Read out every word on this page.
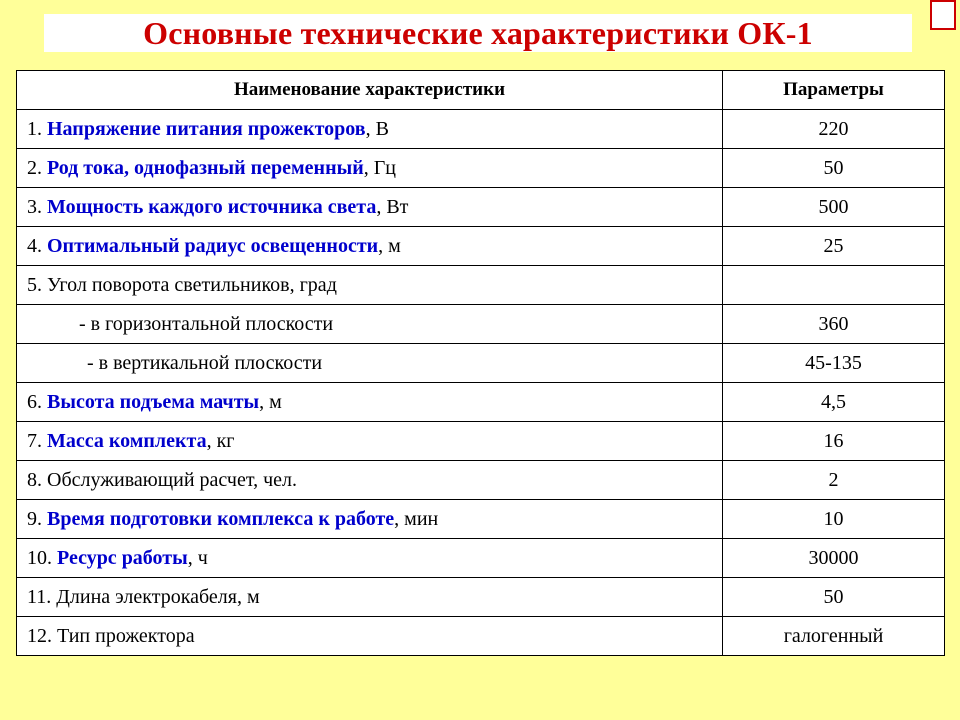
Основные технические характеристики ОК-1
Наименование характеристики	Параметры
1. Напряжение питания прожекторов, В	220
2. Род тока, однофазный переменный, Гц	50
3. Мощность каждого источника света, Вт	500
4. Оптимальный радиус освещенности, м	25
5. Угол поворота светильников, град	
- в горизонтальной плоскости	360
- в вертикальной плоскости	45-135
6. Высота подъема мачты, м	4,5
7. Масса комплекта, кг	16
8. Обслуживающий расчет, чел.	2
9. Время подготовки комплекса к работе, мин	10
10. Ресурс работы, ч	30000
11. Длина электрокабеля, м	50
12. Тип прожектора	галогенный
